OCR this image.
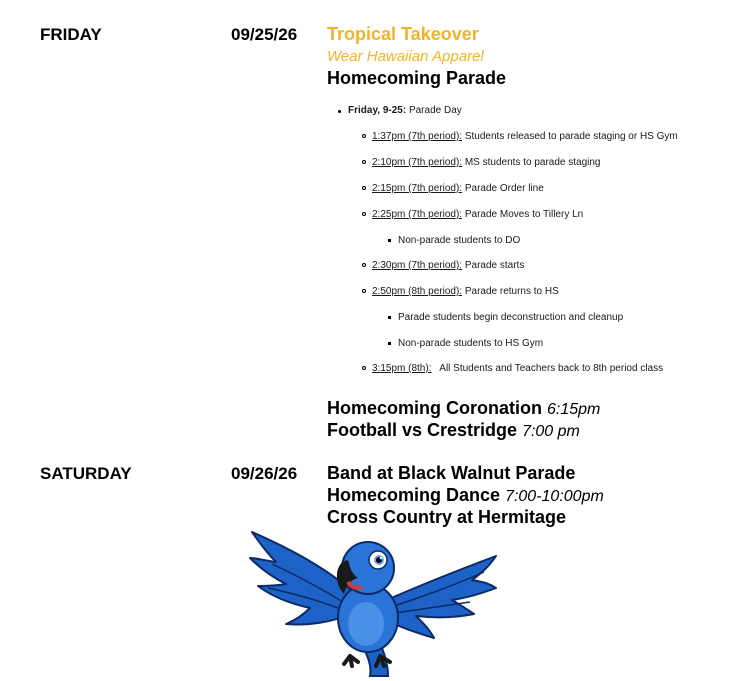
FRIDAY	09/25/26 Tropical Takeover
Wear Hawaiian Apparel
Homecoming Parade
Friday, 9-25: Parade Day
1:37pm (7th period): Students released to parade staging or HS Gym
2:10pm (7th period): MS students to parade staging
2:15pm (7th period): Parade Order line
2:25pm (7th period): Parade Moves to Tillery Ln
Non-parade students to DO
2:30pm (7th period): Parade starts
2:50pm (8th period): Parade returns to HS
Parade students begin deconstruction and cleanup
Non-parade students to HS Gym
3:15pm (8th):   All Students and Teachers back to 8th period class
Homecoming Coronation 6:15pm
Football vs Crestridge 7:00 pm
SATURDAY	09/26/26 Band at Black Walnut Parade
Homecoming Dance 7:00-10:00pm
Cross Country at Hermitage
